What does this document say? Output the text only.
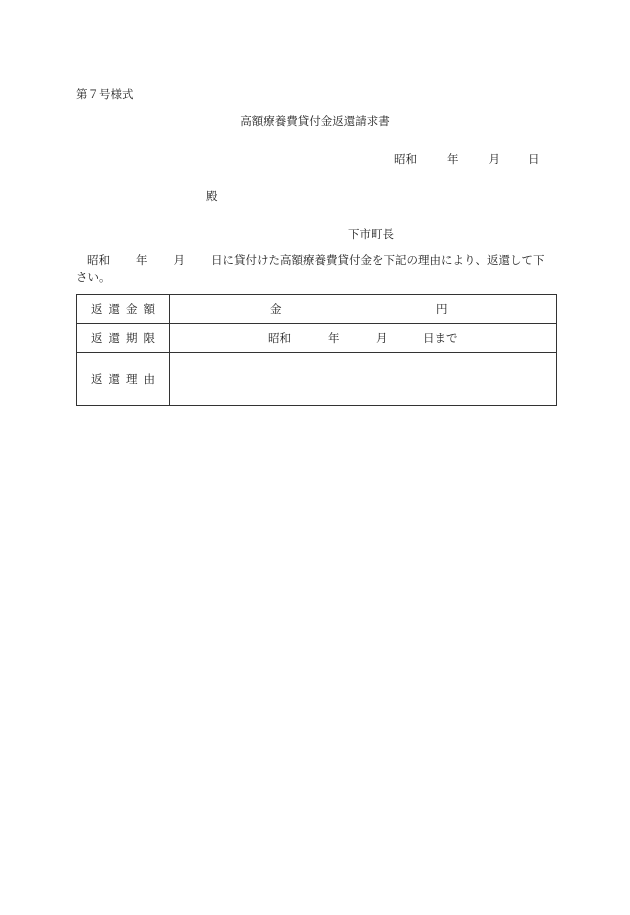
第７号様式
高額療養費貸付金返還請求書
昭和	年	月 日
殿
下市町長
昭和 年 月 日に貸付けた高額療養費貸付金を下記の理由により、返還して下
さい。
返還金額	金 円

返還期限	昭和 年 月 日まで

返還理由	
